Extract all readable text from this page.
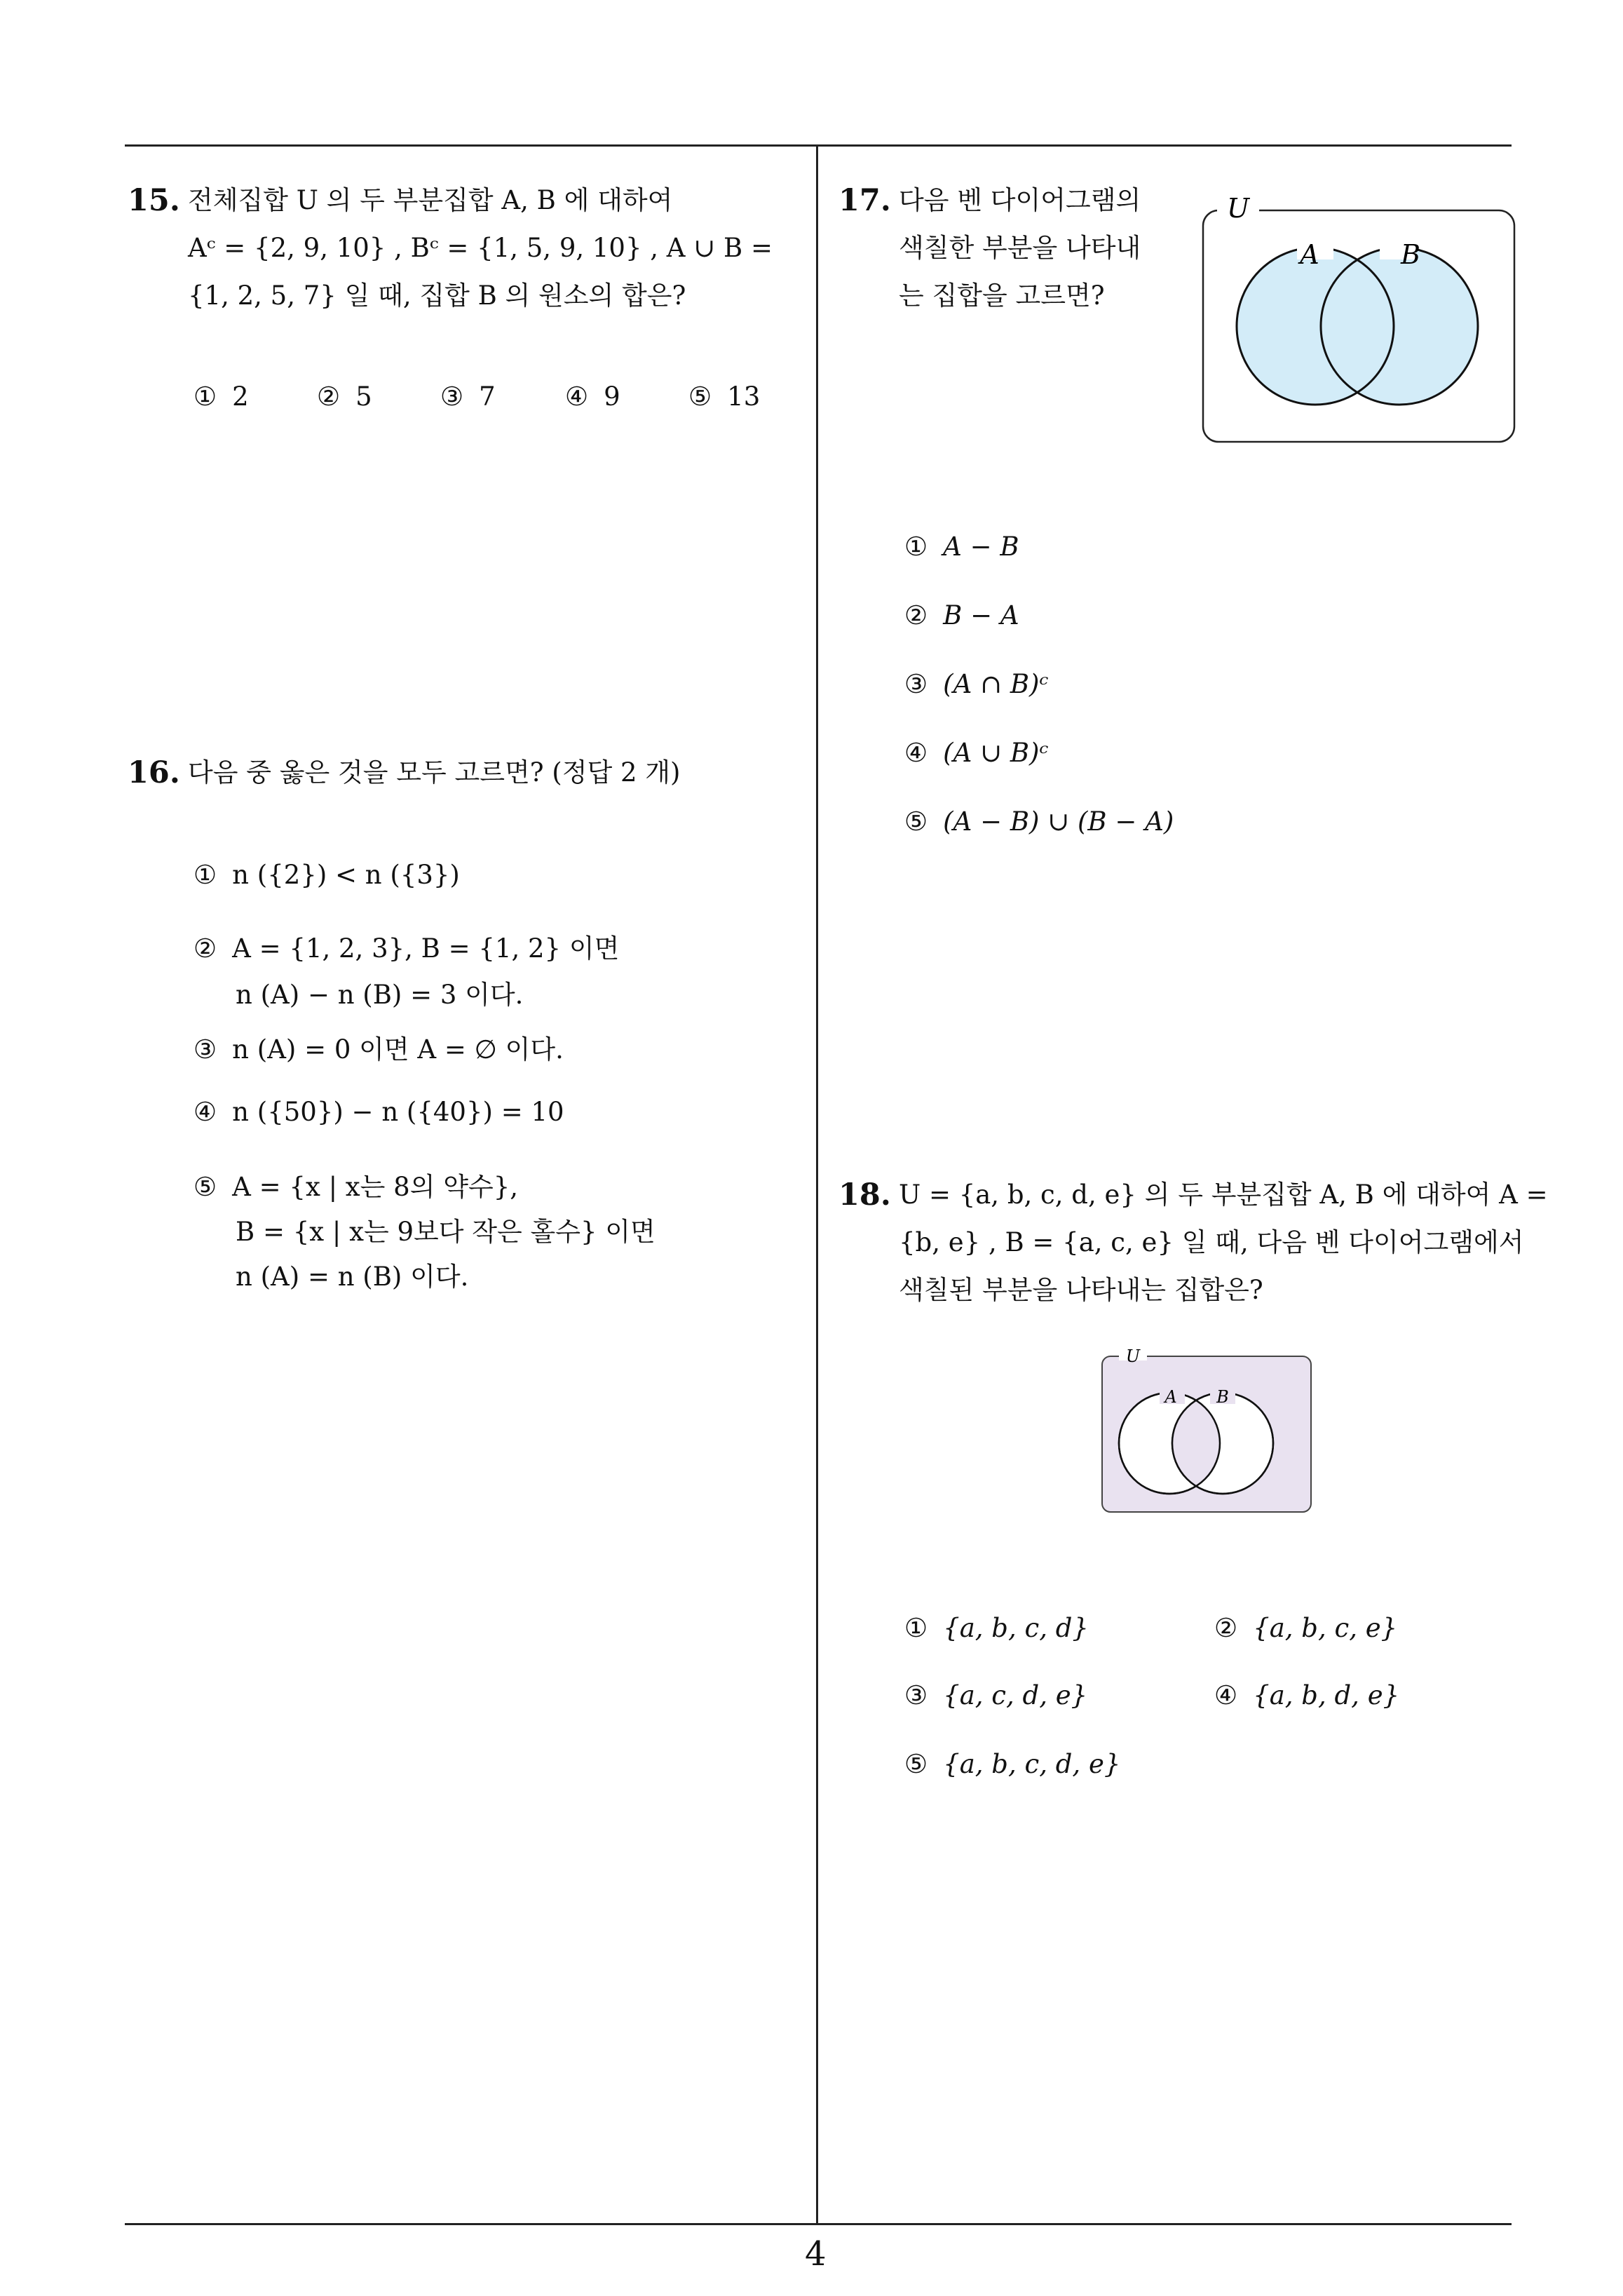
4
15. 전체집합 U 의 두 부분집합 A, B 에 대하여
Aᶜ = {2, 9, 10} , Bᶜ = {1, 5, 9, 10} , A ∪ B =
{1, 2, 5, 7} 일 때, 집합 B 의 원소의 합은?
① 2	② 5	③ 7	④ 9	⑤ 13
16. 다음 중 옳은 것을 모두 고르면? (정답 2 개)
① n ({2}) < n ({3})
② A = {1, 2, 3}, B = {1, 2} 이면
n (A) − n (B) = 3 이다.
③ n (A) = 0 이면 A = ∅ 이다.
④ n ({50}) − n ({40}) = 10
⑤ A = {x | x는 8의 약수},
B = {x | x는 9보다 작은 홀수} 이면
n (A) = n (B) 이다.
17. 다음 벤 다이어그램의
색칠한 부분을 나타내
는 집합을 고르면?
U
A	B
① A − B
② B − A
③ (A ∩ B)ᶜ
④ (A ∪ B)ᶜ
⑤ (A − B) ∪ (B − A)
18. U = {a, b, c, d, e} 의 두 부분집합 A, B 에 대하여 A =
{b, e} , B = {a, c, e} 일 때, 다음 벤 다이어그램에서
색칠된 부분을 나타내는 집합은?
U
A B
① {a, b, c, d}	② {a, b, c, e}
③ {a, c, d, e}	④ {a, b, d, e}
⑤ {a, b, c, d, e}
